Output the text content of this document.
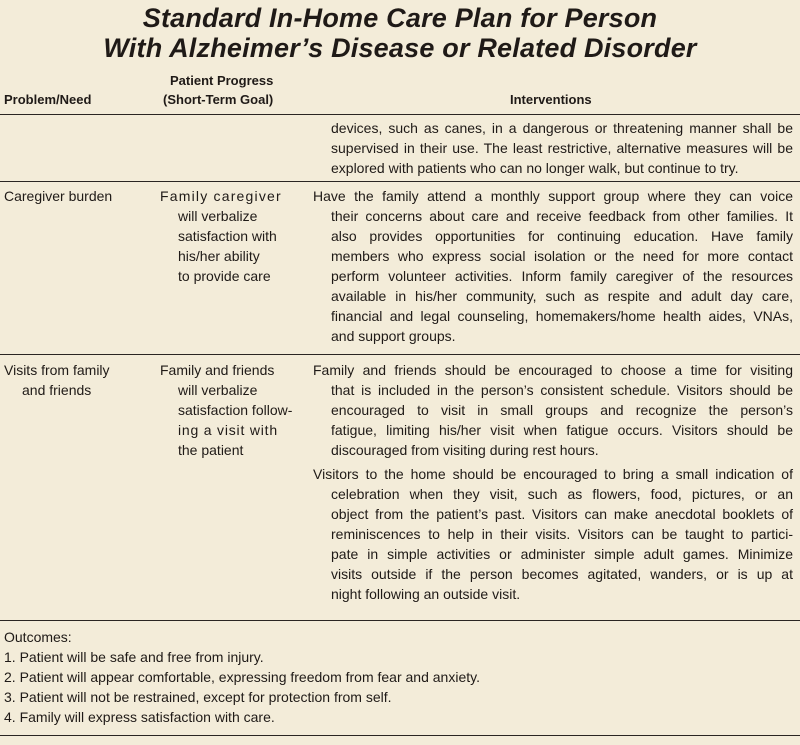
Standard In-Home Care Plan for Person
With Alzheimer’s Disease or Related Disorder
Problem/Need
Patient Progress
(Short-Term Goal)	Interventions
devices, such as canes, in a dangerous or threatening manner shall be
supervised in their use. The least restrictive, alternative measures will be
explored with patients who can no longer walk, but continue to try.
Caregiver burden	Family caregiver
will verbalize
satisfaction with
his/her ability
to provide care
Have the family attend a monthly support group where they can voice
their concerns about care and receive feedback from other families. It
also provides opportunities for continuing education. Have family
members who express social isolation or the need for more contact
perform volunteer activities. Inform family caregiver of the resources
available in his/her community, such as respite and adult day care,
financial and legal counseling, homemakers/home health aides, VNAs,
and support groups.
Visits from family
and friends
Family and friends
will verbalize
satisfaction follow-
ing a visit with
the patient
Family and friends should be encouraged to choose a time for visiting
that is included in the person’s consistent schedule. Visitors should be
encouraged to visit in small groups and recognize the person’s
fatigue, limiting his/her visit when fatigue occurs. Visitors should be
discouraged from visiting during rest hours.
Visitors to the home should be encouraged to bring a small indication of
celebration when they visit, such as flowers, food, pictures, or an
object from the patient’s past. Visitors can make anecdotal booklets of
reminiscences to help in their visits. Visitors can be taught to partici-
pate in simple activities or administer simple adult games. Minimize
visits outside if the person becomes agitated, wanders, or is up at
night following an outside visit.
Outcomes:
1. Patient will be safe and free from injury.
2. Patient will appear comfortable, expressing freedom from fear and anxiety.
3. Patient will not be restrained, except for protection from self.
4. Family will express satisfaction with care.
